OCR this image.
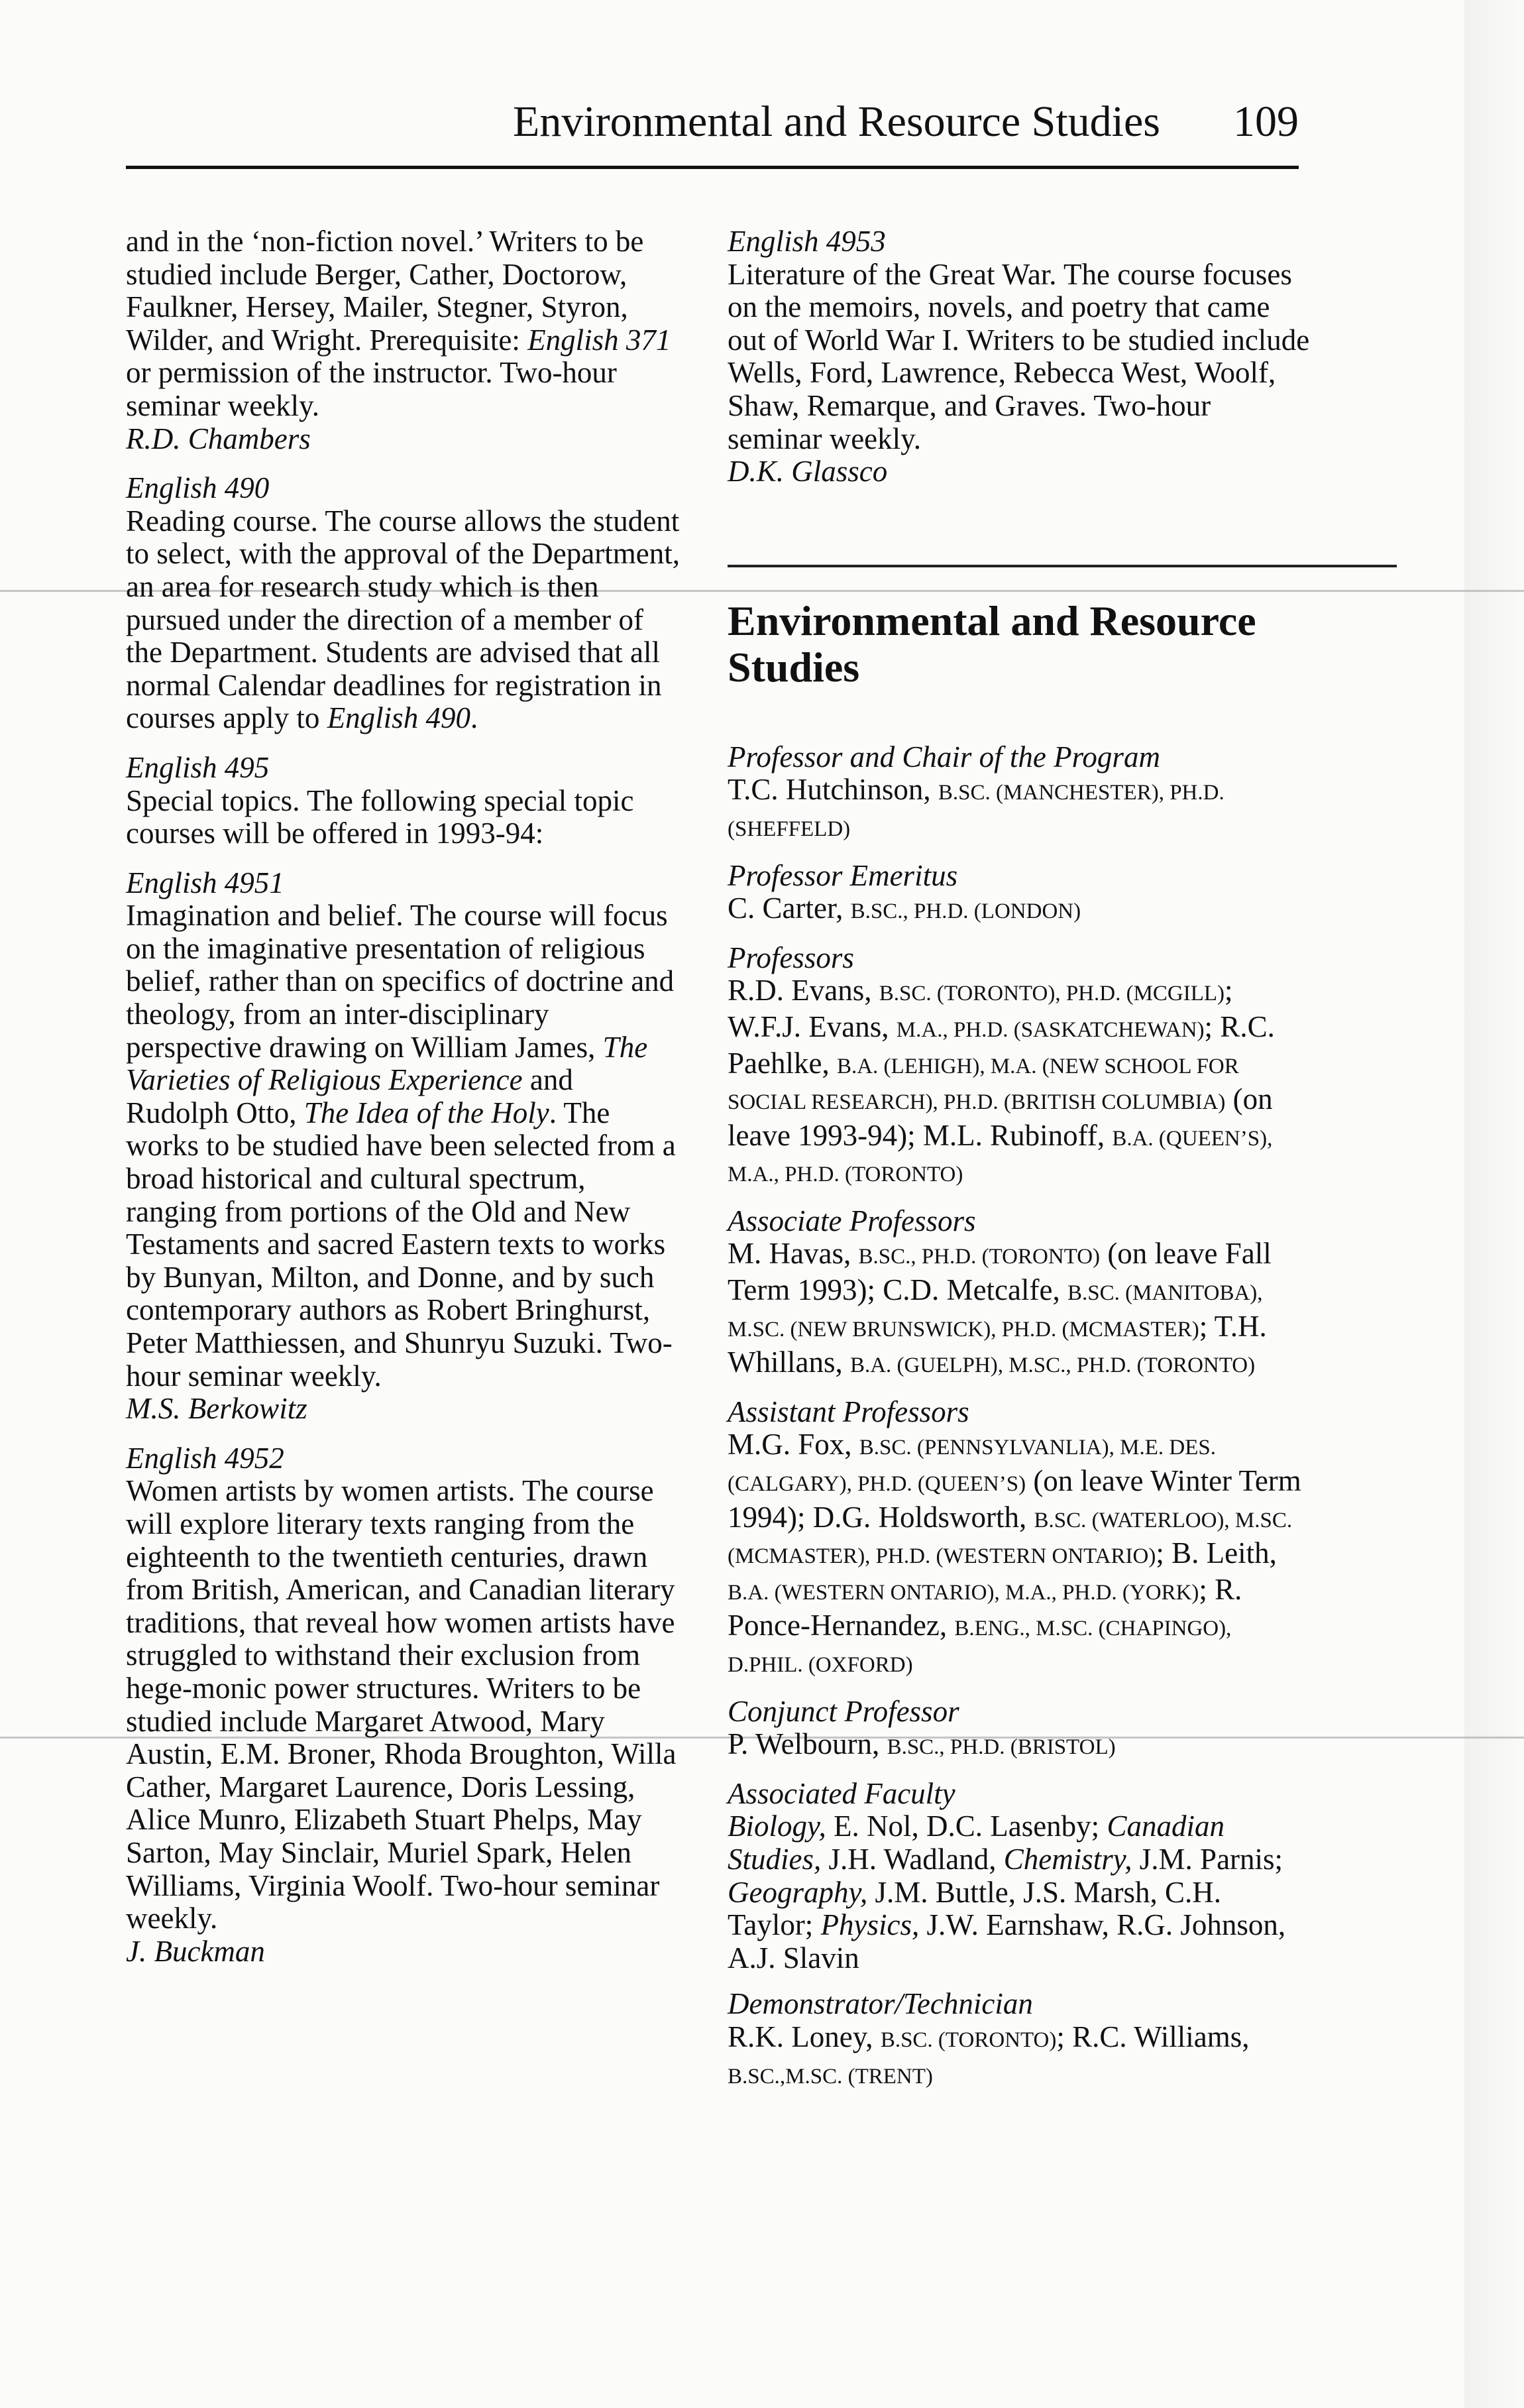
Environmental and Resource Studies 109
and in the ‘non-fiction novel.’ Writers to be studied include Berger, Cather, Doctorow, Faulkner, Hersey, Mailer, Stegner, Styron, Wilder, and Wright. Prerequisite: English 371 or permission of the instructor. Two-hour seminar weekly.
R.D. Chambers
English 490
Reading course. The course allows the student to select, with the approval of the Department, an area for research study which is then pursued under the direction of a member of the Department. Students are advised that all normal Calendar deadlines for registration in courses apply to English 490.
English 495
Special topics. The following special topic courses will be offered in 1993-94:
English 4951
Imagination and belief. The course will focus on the imaginative presentation of religious belief, rather than on specifics of doctrine and theology, from an inter-disciplinary perspective drawing on William James, The Varieties of Religious Experience and Rudolph Otto, The Idea of the Holy. The works to be studied have been selected from a broad historical and cultural spectrum, ranging from portions of the Old and New Testaments and sacred Eastern texts to works by Bunyan, Milton, and Donne, and by such contemporary authors as Robert Bringhurst, Peter Matthiessen, and Shunryu Suzuki. Two-hour seminar weekly.
M.S. Berkowitz
English 4952
Women artists by women artists. The course will explore literary texts ranging from the eighteenth to the twentieth centuries, drawn from British, American, and Canadian literary traditions, that reveal how women artists have struggled to withstand their exclusion from hege-monic power structures. Writers to be studied include Margaret Atwood, Mary Austin, E.M. Broner, Rhoda Broughton, Willa Cather, Margaret Laurence, Doris Lessing, Alice Munro, Elizabeth Stuart Phelps, May Sarton, May Sinclair, Muriel Spark, Helen Williams, Virginia Woolf. Two-hour seminar weekly.
J. Buckman
English 4953
Literature of the Great War. The course focuses on the memoirs, novels, and poetry that came out of World War I. Writers to be studied include Wells, Ford, Lawrence, Rebecca West, Woolf, Shaw, Remarque, and Graves. Two-hour seminar weekly.
D.K. Glassco
Environmental and Resource Studies
Professor and Chair of the Program
T.C. Hutchinson, B.SC. (MANCHESTER), PH.D. (SHEFFELD)
Professor Emeritus
C. Carter, B.SC., PH.D. (LONDON)
Professors
R.D. Evans, B.SC. (TORONTO), PH.D. (MCGILL); W.F.J. Evans, M.A., PH.D. (SASKATCHEWAN); R.C. Paehlke, B.A. (LEHIGH), M.A. (NEW SCHOOL FOR SOCIAL RESEARCH), PH.D. (BRITISH COLUMBIA) (on leave 1993-94); M.L. Rubinoff, B.A. (QUEEN’S), M.A., PH.D. (TORONTO)
Associate Professors
M. Havas, B.SC., PH.D. (TORONTO) (on leave Fall Term 1993); C.D. Metcalfe, B.SC. (MANITOBA), M.SC. (NEW BRUNSWICK), PH.D. (MCMASTER); T.H. Whillans, B.A. (GUELPH), M.SC., PH.D. (TORONTO)
Assistant Professors
M.G. Fox, B.SC. (PENNSYLVANLIA), M.E. DES. (CALGARY), PH.D. (QUEEN’S) (on leave Winter Term 1994); D.G. Holdsworth, B.SC. (WATERLOO), M.SC. (MCMASTER), PH.D. (WESTERN ONTARIO); B. Leith, B.A. (WESTERN ONTARIO), M.A., PH.D. (YORK); R. Ponce-Hernandez, B.ENG., M.SC. (CHAPINGO), D.PHIL. (OXFORD)
Conjunct Professor
P. Welbourn, B.SC., PH.D. (BRISTOL)
Associated Faculty
Biology, E. Nol, D.C. Lasenby; Canadian Studies, J.H. Wadland, Chemistry, J.M. Parnis; Geography, J.M. Buttle, J.S. Marsh, C.H. Taylor; Physics, J.W. Earnshaw, R.G. Johnson, A.J. Slavin
Demonstrator/Technician
R.K. Loney, B.SC. (TORONTO); R.C. Williams, B.SC.,M.SC. (TRENT)
